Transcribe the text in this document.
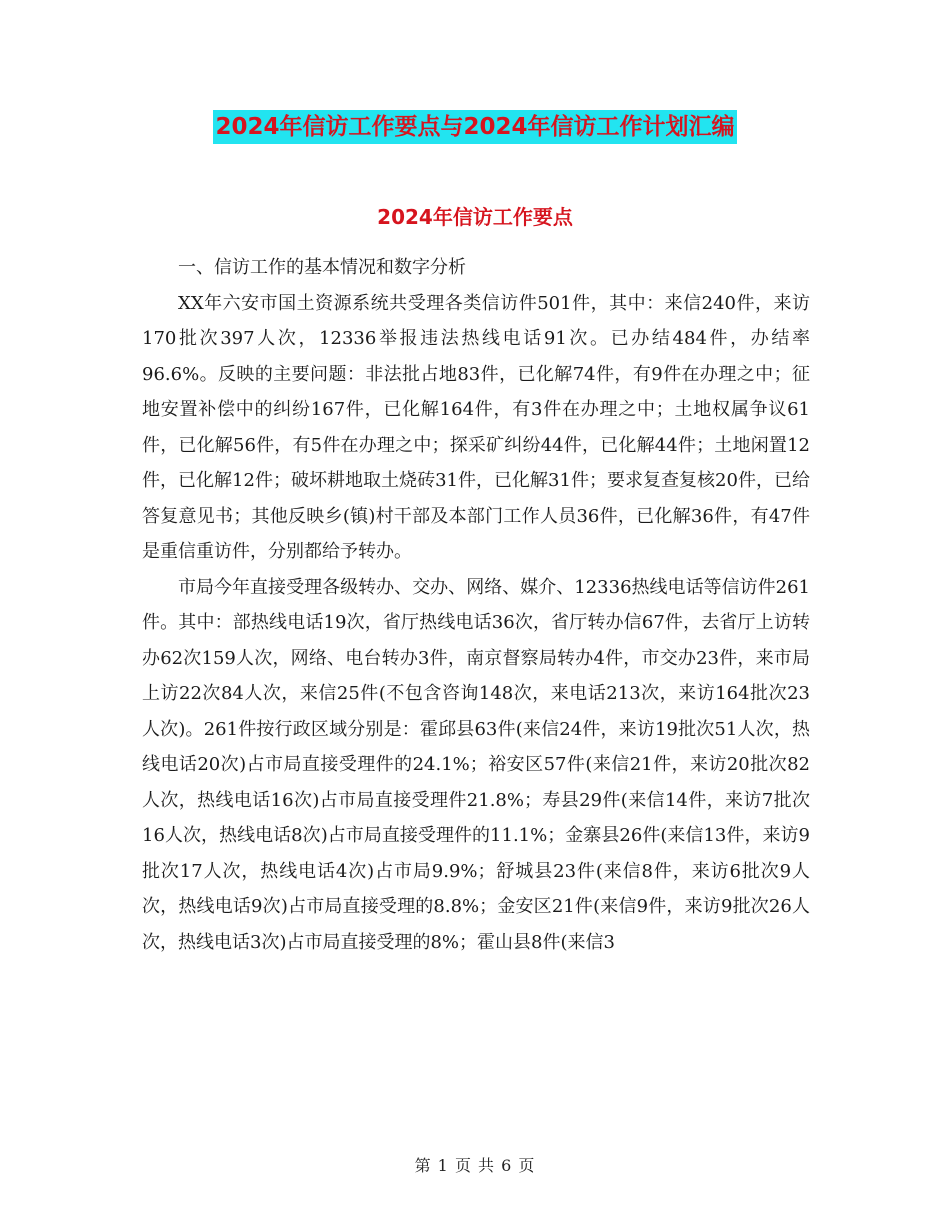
2024年信访工作要点与2024年信访工作计划汇编
2024年信访工作要点

一、信访工作的基本情况和数字分析

XX年六安市国土资源系统共受理各类信访件501件，其中：来信240件，来访170批次397人次，12336举报违法热线电话91次。已办结484件，办结率96.6%。反映的主要问题：非法批占地83件，已化解74件，有9件在办理之中；征地安置补偿中的纠纷167件，已化解164件，有3件在办理之中；土地权属争议61件，已化解56件，有5件在办理之中；探采矿纠纷44件，已化解44件；土地闲置12件，已化解12件；破坏耕地取土烧砖31件，已化解31件；要求复查复核20件，已给答复意见书；其他反映乡(镇)村干部及本部门工作人员36件，已化解36件，有47件是重信重访件，分别都给予转办。

市局今年直接受理各级转办、交办、网络、媒介、12336热线电话等信访件261件。其中：部热线电话19次，省厅热线电话36次，省厅转办信67件，去省厅上访转办62次159人次，网络、电台转办3件，南京督察局转办4件，市交办23件，来市局上访22次84人次，来信25件(不包含咨询148次，来电话213次，来访164批次23人次)。261件按行政区域分别是：霍邱县63件(来信24件，来访19批次51人次，热线电话20次)占市局直接受理件的24.1%；裕安区57件(来信21件，来访20批次82人次，热线电话16次)占市局直接受理件21.8%；寿县29件(来信14件，来访7批次16人次，热线电话8次)占市局直接受理件的11.1%；金寨县26件(来信13件，来访9批次17人次，热线电话4次)占市局9.9%；舒城县23件(来信8件，来访6批次9人次，热线电话9次)占市局直接受理的8.8%；金安区21件(来信9件，来访9批次26人次，热线电话3次)占市局直接受理的8%；霍山县8件(来信3

第 1 页 共 6 页
